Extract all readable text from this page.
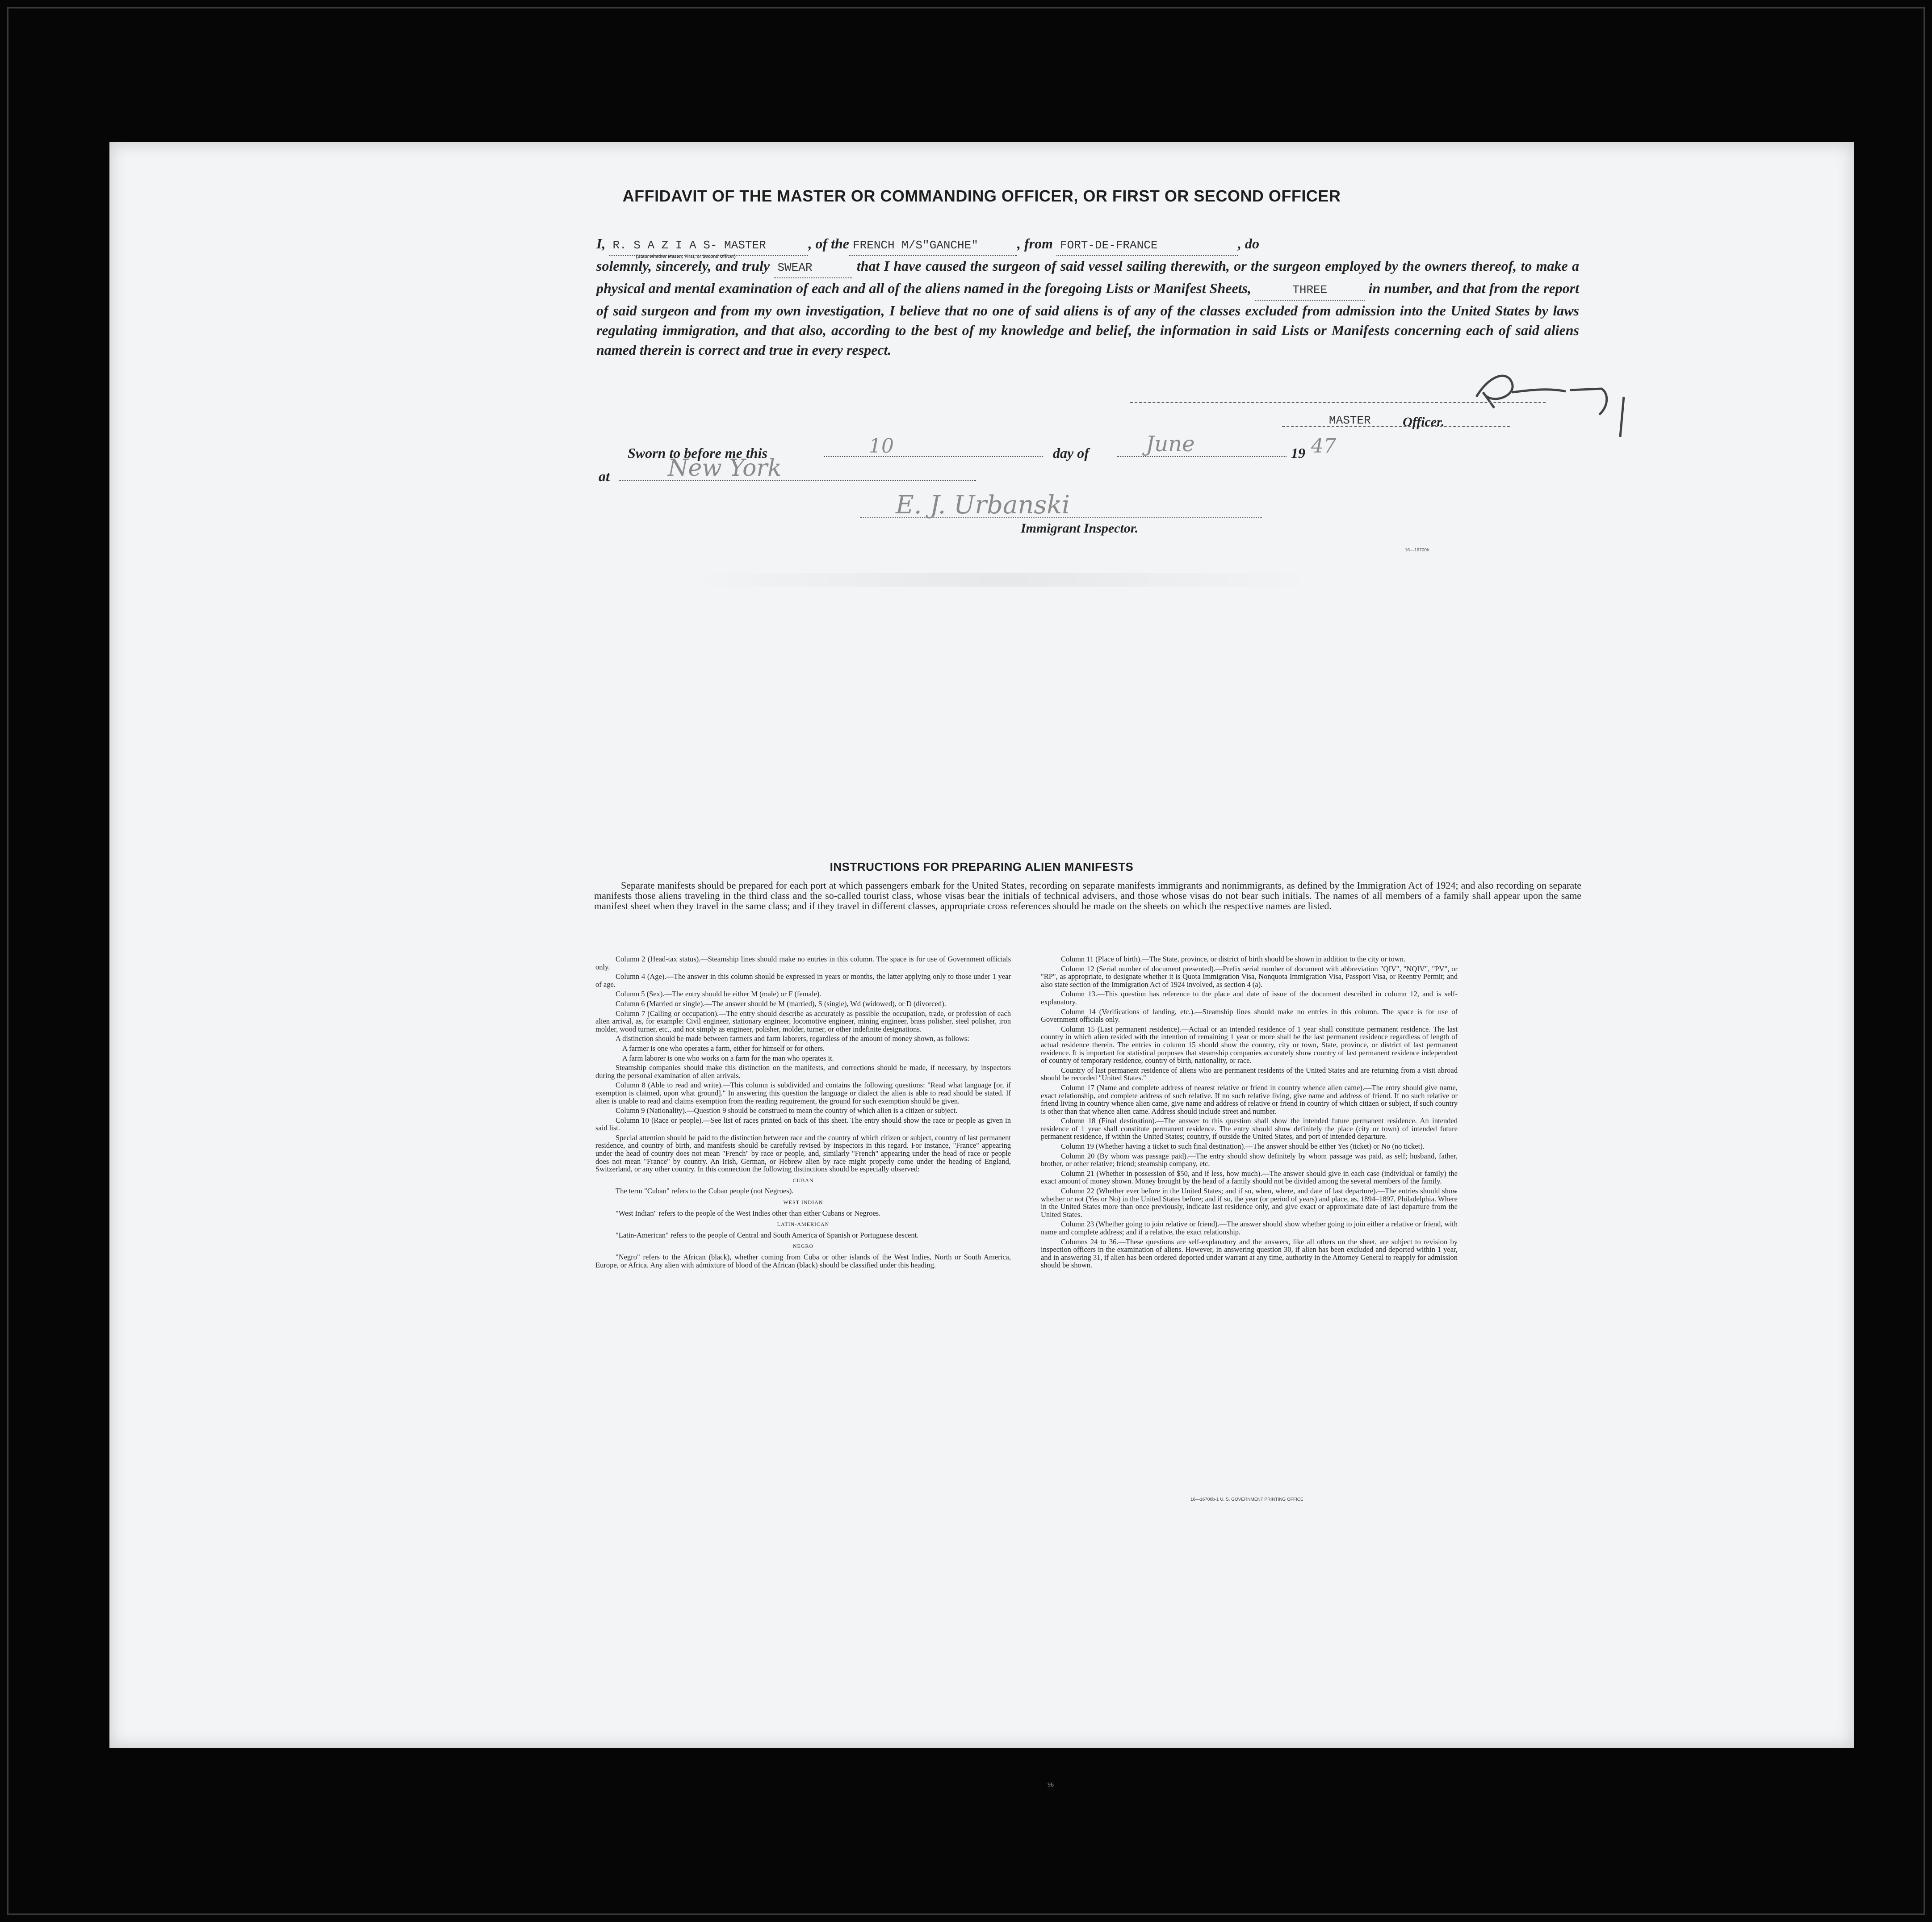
AFFIDAVIT OF THE MASTER OR COMMANDING OFFICER, OR FIRST OR SECOND OFFICER

I, R. S A Z I A S- MASTER
(State whether Master, First, or Second Officer)
, of the FRENCH M/S"GANCHE"	, from FORT-DE-FRANCE	, do

solemnly, sincerely, and truly SWEAR	that I have caused the surgeon of said vessel sailing therewith, or the surgeon employed by the owners thereof, to make a physical and mental examination of each and all of the aliens named in the foregoing Lists or Manifest Sheets,	THREE	in number, and that from the report of said surgeon and from my own investigation, I believe that no one of said aliens is of any of the classes excluded from admission into the United States by laws regulating immigration, and that also, according to the best of my knowledge and belief, the information in said Lists or Manifests concerning each of said aliens named therein is correct and true in every respect.

MASTER Officer.
Sworn to before me this	10	day of	June	19 47
at	New York
E. J. Urbanski
Immigrant Inspector.
16—16700b
INSTRUCTIONS FOR PREPARING ALIEN MANIFESTS

Separate manifests should be prepared for each port at which passengers embark for the United States, recording on separate manifests immigrants and nonimmigrants, as defined by the Immigration Act of 1924; and also recording on separate manifests those aliens traveling in the third class and the so-called tourist class, whose visas bear the initials of technical advisers, and those whose visas do not bear such initials. The names of all members of a family shall appear upon the same manifest sheet when they travel in the same class; and if they travel in different classes, appropriate cross references should be made on the sheets on which the respective names are listed.

Column 2 (Head-tax status).—Steamship lines should make no entries in this column. The space is for use of Government officials only.

Column 4 (Age).—The answer in this column should be expressed in years or months, the latter applying only to those under 1 year of age.

Column 5 (Sex).—The entry should be either M (male) or F (female).

Column 6 (Married or single).—The answer should be M (married), S (single), Wd (widowed), or D (divorced).

Column 7 (Calling or occupation).—The entry should describe as accurately as possible the occupation, trade, or profession of each alien arrival, as, for example: Civil engineer, stationary engineer, locomotive engineer, mining engineer, brass polisher, steel polisher, iron molder, wood turner, etc., and not simply as engineer, polisher, molder, turner, or other indefinite designations.

A distinction should be made between farmers and farm laborers, regardless of the amount of money shown, as follows:

A farmer is one who operates a farm, either for himself or for others.

A farm laborer is one who works on a farm for the man who operates it.

Steamship companies should make this distinction on the manifests, and corrections should be made, if necessary, by inspectors during the personal examination of alien arrivals.

Column 8 (Able to read and write).—This column is subdivided and contains the following questions: "Read what language [or, if exemption is claimed, upon what ground]." In answering this question the language or dialect the alien is able to read should be stated. If alien is unable to read and claims exemption from the reading requirement, the ground for such exemption should be given.

Column 9 (Nationality).—Question 9 should be construed to mean the country of which alien is a citizen or subject.

Column 10 (Race or people).—See list of races printed on back of this sheet. The entry should show the race or people as given in said list.

Special attention should be paid to the distinction between race and the country of which citizen or subject, country of last permanent residence, and country of birth, and manifests should be carefully revised by inspectors in this regard. For instance, "France" appearing under the head of country does not mean "French" by race or people, and, similarly "French" appearing under the head of race or people does not mean "France" by country. An Irish, German, or Hebrew alien by race might properly come under the heading of England, Switzerland, or any other country. In this connection the following distinctions should be especially observed:

CUBAN

The term "Cuban" refers to the Cuban people (not Negroes).

WEST INDIAN

"West Indian" refers to the people of the West Indies other than either Cubans or Negroes.

LATIN-AMERICAN

"Latin-American" refers to the people of Central and South America of Spanish or Portuguese descent.

NEGRO

"Negro" refers to the African (black), whether coming from Cuba or other islands of the West Indies, North or South America, Europe, or Africa. Any alien with admixture of blood of the African (black) should be classified under this heading.

Column 11 (Place of birth).—The State, province, or district of birth should be shown in addition to the city or town.

Column 12 (Serial number of document presented).—Prefix serial number of document with abbreviation "QIV", "NQIV", "PV", or "RP", as appropriate, to designate whether it is Quota Immigration Visa, Nonquota Immigration Visa, Passport Visa, or Reentry Permit; and also state section of the Immigration Act of 1924 involved, as section 4 (a).

Column 13.—This question has reference to the place and date of issue of the document described in column 12, and is self-explanatory.

Column 14 (Verifications of landing, etc.).—Steamship lines should make no entries in this column. The space is for use of Government officials only.

Column 15 (Last permanent residence).—Actual or an intended residence of 1 year shall constitute permanent residence. The last country in which alien resided with the intention of remaining 1 year or more shall be the last permanent residence regardless of length of actual residence therein. The entries in column 15 should show the country, city or town, State, province, or district of last permanent residence. It is important for statistical purposes that steamship companies accurately show country of last permanent residence independent of country of temporary residence, country of birth, nationality, or race.

Country of last permanent residence of aliens who are permanent residents of the United States and are returning from a visit abroad should be recorded "United States."

Column 17 (Name and complete address of nearest relative or friend in country whence alien came).—The entry should give name, exact relationship, and complete address of such relative. If no such relative living, give name and address of friend. If no such relative or friend living in country whence alien came, give name and address of relative or friend in country of which citizen or subject, if such country is other than that whence alien came. Address should include street and number.

Column 18 (Final destination).—The answer to this question shall show the intended future permanent residence. An intended residence of 1 year shall constitute permanent residence. The entry should show definitely the place (city or town) of intended future permanent residence, if within the United States; country, if outside the United States, and port of intended departure.

Column 19 (Whether having a ticket to such final destination).—The answer should be either Yes (ticket) or No (no ticket).

Column 20 (By whom was passage paid).—The entry should show definitely by whom passage was paid, as self; husband, father, brother, or other relative; friend; steamship company, etc.

Column 21 (Whether in possession of $50, and if less, how much).—The answer should give in each case (individual or family) the exact amount of money shown. Money brought by the head of a family should not be divided among the several members of the family.

Column 22 (Whether ever before in the United States; and if so, when, where, and date of last departure).—The entries should show whether or not (Yes or No) in the United States before; and if so, the year (or period of years) and place, as, 1894–1897, Philadelphia. Where in the United States more than once previously, indicate last residence only, and give exact or approximate date of last departure from the United States.

Column 23 (Whether going to join relative or friend).—The answer should show whether going to join either a relative or friend, with name and complete address; and if a relative, the exact relationship.

Columns 24 to 36.—These questions are self-explanatory and the answers, like all others on the sheet, are subject to revision by inspection officers in the examination of aliens. However, in answering question 30, if alien has been excluded and deported within 1 year, and in answering 31, if alien has been ordered deported under warrant at any time, authority in the Attorney General to reapply for admission should be shown.

16—16700b-1 U. S. GOVERNMENT PRINTING OFFICE
96
